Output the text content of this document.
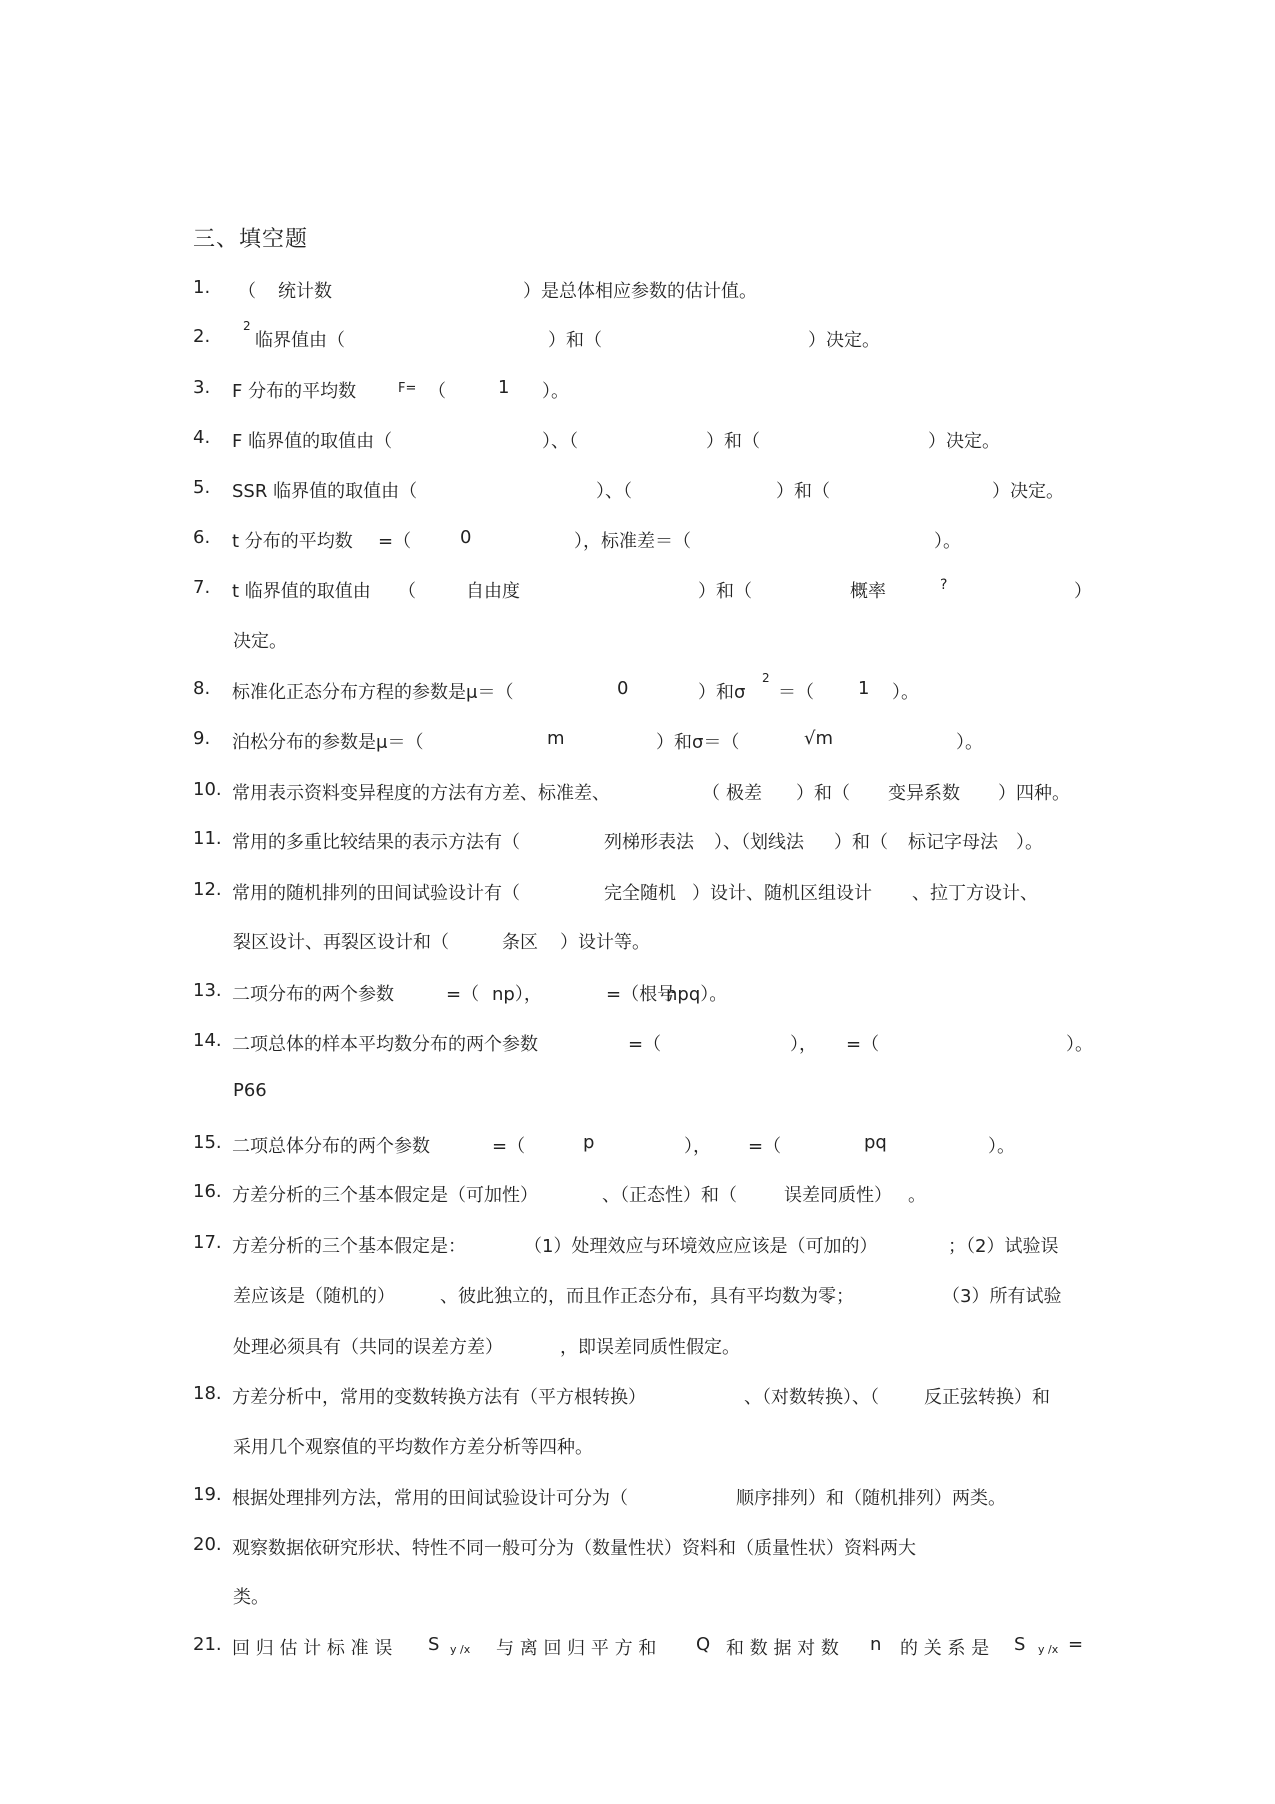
三、填空题
1. （ 统计数	）是总体相应参数的估计值。
2.	2
临界值由（	）和（	）决定。
3. F 分布的平均数	F= （	1 ）。
4. F 临界值的取值由（	）、（	）和（	）决定。
5. SSR 临界值的取值由（	）、（	）和（	）决定。
6. t 分布的平均数 =（	0	），标准差＝（	）。
7. t 临界值的取值由 （	自由度	）和（	概率	?	）
决定。
8. 标准化正态分布方程的参数是μ＝（	0	）和σ
2
＝（ 1 ）。
9. 泊松分布的参数是μ＝（	m	）和σ＝（	√m	）。
10. 常用表示资料变异程度的方法有方差、标准差、	（ 极差 ）和（ 变异系数 ）四种。
11. 常用的多重比较结果的表示方法有（	列梯形表法 ）、（划线法 ）和（ 标记字母法 ）。
12. 常用的随机排列的田间试验设计有（	完全随机 ）设计、随机区组设计 、拉丁方设计、
裂区设计、再裂区设计和（	条区 ）设计等。
13. 二项分布的两个参数	=（ np），	=（根号
npq）。
14. 二项总体的样本平均数分布的两个参数	=（	）， =（	）。
P66
15. 二项总体分布的两个参数	=（	p	）， =（	pq	）。
16. 方差分析的三个基本假定是（可加性）	、（正态性）和（	误差同质性） 。
17. 方差分析的三个基本假定是：	（1）处理效应与环境效应应该是（可加的）	；（2）试验误
差应该是（随机的）	、彼此独立的，而且作正态分布，具有平均数为零；	（3）所有试验
处理必须具有（共同的误差方差）	，即误差同质性假定。
18. 方差分析中，常用的变数转换方法有（平方根转换）	、（对数转换）、（	反正弦转换）和
采用几个观察值的平均数作方差分析等四种。
19. 根据处理排列方法，常用的田间试验设计可分为（	顺序排列）和（随机排列）两类。
20. 观察数据依研究形状、特性不同一般可分为（数量性状）资料和（质量性状）资料两大
类。
21. 回 归 估 计 标 准 误 S y /x 与 离 回 归 平 方 和 Q 和 数 据 对 数 n 的 关 系 是 S y /x =
